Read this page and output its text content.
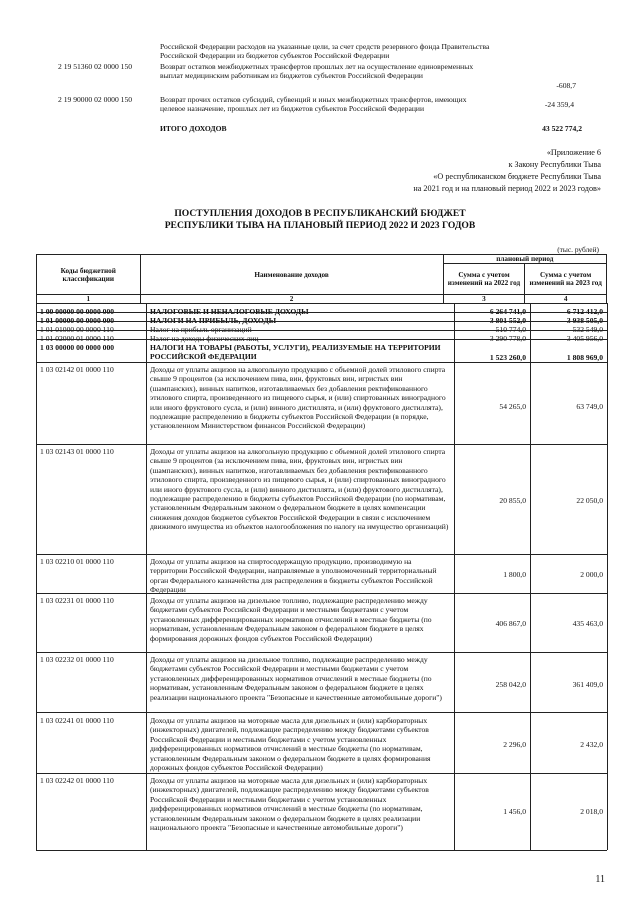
Российской Федерации расходов на указанные цели, за счет средств резервного фонда Правительства Российской Федерации из бюджетов субъектов Российской Федерации
2 19 51360 02 0000 150	Возврат остатков межбюджетных трансфертов прошлых лет на осуществление единовременных выплат медицинским работникам из бюджетов субъектов Российской Федерации
-608,7
2 19 90000 02 0000 150	Возврат прочих остатков субсидий, субвенций и иных межбюджетных трансфертов, имеющих целевое назначение, прошлых лет из бюджетов субъектов Российской Федерации	-24 359,4
ИТОГО ДОХОДОВ	43 522 774,2
«Приложение 6
к Закону Республики Тыва
«О республиканском бюджете Республики Тыва
на 2021 год и на плановый период 2022 и 2023 годов»
ПОСТУПЛЕНИЯ ДОХОДОВ В РЕСПУБЛИКАНСКИЙ БЮДЖЕТ
РЕСПУБЛИКИ ТЫВА НА ПЛАНОВЫЙ ПЕРИОД 2022 И 2023 ГОДОВ
(тыс. рублей)
Коды бюджетной классификации	Наименование доходов	плановый период	
		Сумма с учетом изменений на 2022 год	Сумма с учетом изменений на 2023 год
1	2	3	4
1 00 00000 00 0000 000	НАЛОГОВЫЕ И НЕНАЛОГОВЫЕ ДОХОДЫ	6 264 741,0	6 712 412,0
1 01 00000 00 0000 000	НАЛОГИ НА ПРИБЫЛЬ, ДОХОДЫ	3 801 552,0	3 938 505,0
1 01 01000 00 0000 110	Налог на прибыль организаций	510 774,0	532 549,0
1 01 02000 01 0000 110	Налог на доходы физических лиц	3 290 778,0	3 405 956,0
1 03 00000 00 0000 000	НАЛОГИ НА ТОВАРЫ (РАБОТЫ, УСЛУГИ), РЕАЛИЗУЕМЫЕ НА ТЕРРИТОРИИ РОССИЙСКОЙ ФЕДЕРАЦИИ	1 523 260,0	1 808 969,0
1 03 02142 01 0000 110	Доходы от уплаты акцизов на алкогольную продукцию с объемной долей этилового спирта свыше 9 процентов (за исключением пива, вин, фруктовых вин, игристых вин (шампанских), винных напитков, изготавливаемых без добавления ректификованного этилового спирта, произведенного из пищевого сырья, и (или) спиртованных виноградного или иного фруктового сусла, и (или) винного дистиллята, и (или) фруктового дистиллята), подлежащие распределению в бюджеты субъектов Российской Федерации (в порядке, установленном Министерством финансов Российской Федерации)
54 265,0	63 749,0
1 03 02143 01 0000 110	Доходы от уплаты акцизов на алкогольную продукцию с объемной долей этилового спирта свыше 9 процентов (за исключением пива, вин, фруктовых вин, игристых вин (шампанских), винных напитков, изготавливаемых без добавления ректификованного этилового спирта, произведенного из пищевого сырья, и (или) спиртованных виноградного или иного фруктового сусла, и (или) винного дистиллята, и (или) фруктового дистиллята), подлежащие распределению в бюджеты субъектов Российской Федерации (по нормативам, установленным Федеральным законом о федеральном бюджете в целях компенсации снижения доходов бюджетов субъектов Российской Федерации в связи с исключением движимого имущества из объектов налогообложения по налогу на имущество организаций)
20 855,0	22 050,0
1 03 02210 01 0000 110	Доходы от уплаты акцизов на спиртосодержащую продукцию, производимую на территории Российской Федерации, направляемые в уполномоченный территориальный орган Федерального казначейства для распределения в бюджеты субъектов Российской Федерации
1 800,0	2 000,0
1 03 02231 01 0000 110	Доходы от уплаты акцизов на дизельное топливо, подлежащие распределению между бюджетами субъектов Российской Федерации и местными бюджетами с учетом установленных дифференцированных нормативов отчислений в местные бюджеты (по нормативам, установленным Федеральным законом о федеральном бюджете в целях формирования дорожных фондов субъектов Российской Федерации)
406 867,0	435 463,0
1 03 02232 01 0000 110	Доходы от уплаты акцизов на дизельное топливо, подлежащие распределению между бюджетами субъектов Российской Федерации и местными бюджетами с учетом установленных дифференцированных нормативов отчислений в местные бюджеты (по нормативам, установленным Федеральным законом о федеральном бюджете в целях реализации национального проекта "Безопасные и качественные автомобильные дороги")
258 042,0	361 409,0
1 03 02241 01 0000 110	Доходы от уплаты акцизов на моторные масла для дизельных и (или) карбюраторных (инжекторных) двигателей, подлежащие распределению между бюджетами субъектов Российской Федерации и местными бюджетами с учетом установленных дифференцированных нормативов отчислений в местные бюджеты (по нормативам, установленным Федеральным законом о федеральном бюджете в целях формирования дорожных фондов субъектов Российской Федерации)
2 296,0	2 432,0
1 03 02242 01 0000 110	Доходы от уплаты акцизов на моторные масла для дизельных и (или) карбюраторных (инжекторных) двигателей, подлежащие распределению между бюджетами субъектов Российской Федерации и местными бюджетами с учетом установленных дифференцированных нормативов отчислений в местные бюджеты (по нормативам, установленным Федеральным законом о федеральном бюджете в целях реализации национального проекта "Безопасные и качественные автомобильные дороги")
1 456,0	2 018,0
11
